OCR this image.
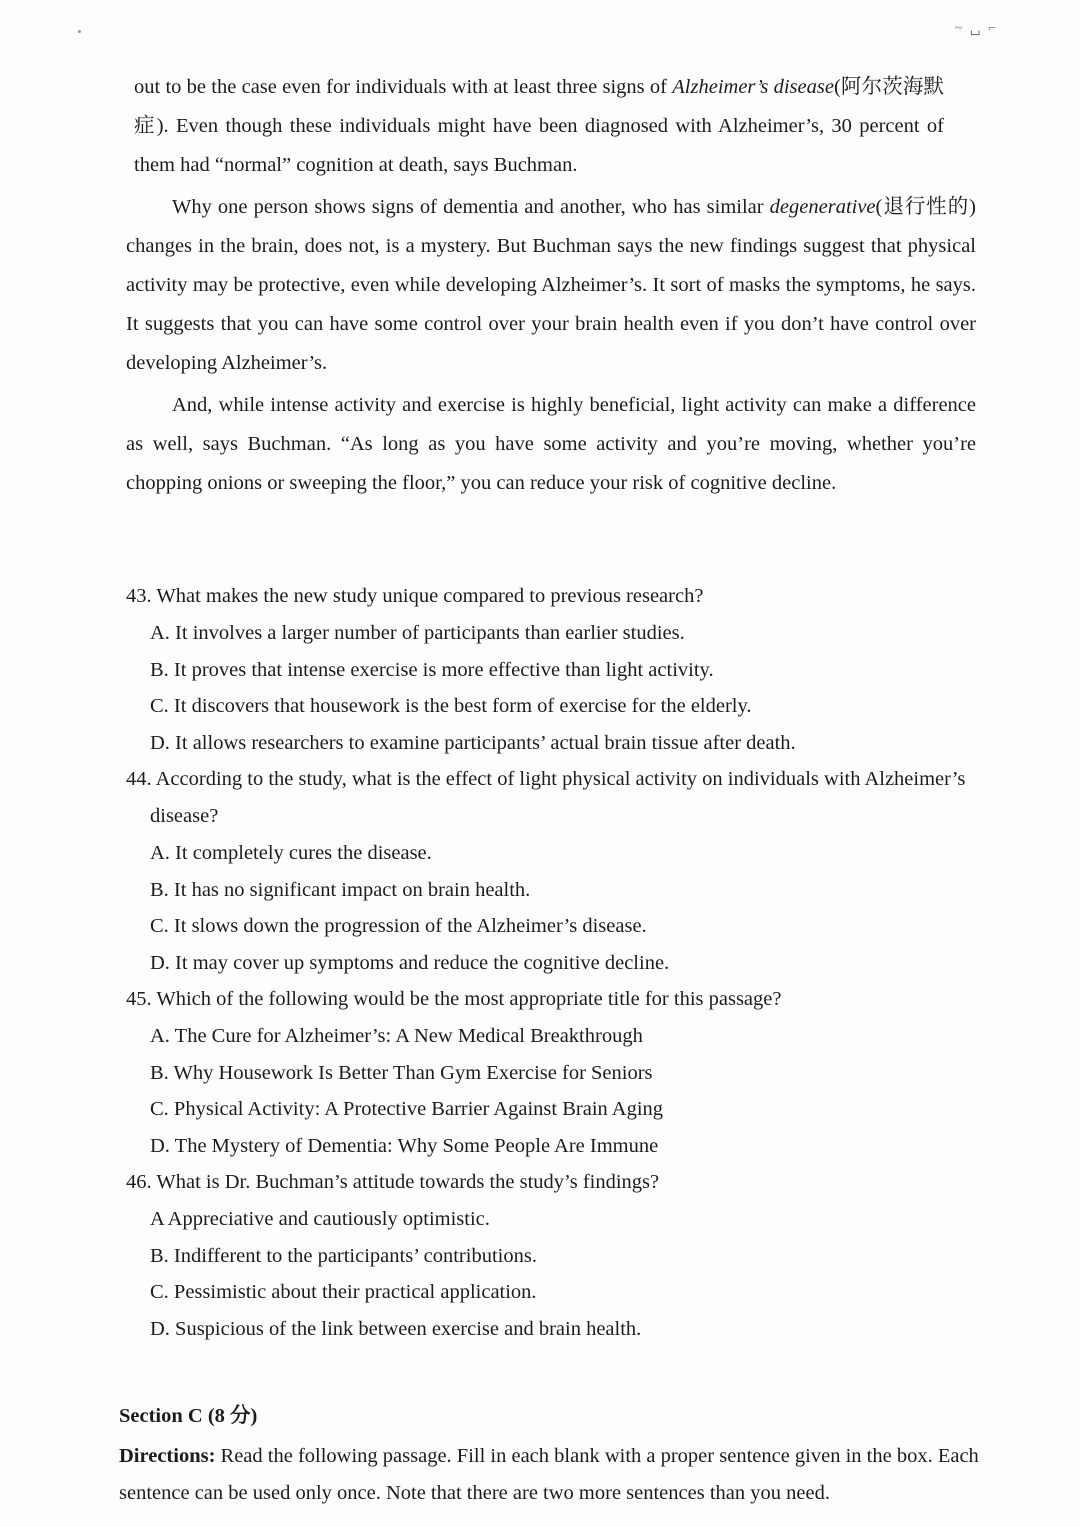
~ ␣ ⌐

out to be the case even for individuals with at least three signs of Alzheimer’s disease(阿尔茨海默症). Even though these individuals might have been diagnosed with Alzheimer’s, 30 percent of them had “normal” cognition at death, says Buchman.

Why one person shows signs of dementia and another, who has similar degenerative(退行性的) changes in the brain, does not, is a mystery. But Buchman says the new findings suggest that physical activity may be protective, even while developing Alzheimer’s. It sort of masks the symptoms, he says. It suggests that you can have some control over your brain health even if you don’t have control over developing Alzheimer’s.

And, while intense activity and exercise is highly beneficial, light activity can make a difference as well, says Buchman. “As long as you have some activity and you’re moving, whether you’re chopping onions or sweeping the floor,” you can reduce your risk of cognitive decline.

43. What makes the new study unique compared to previous research?

A. It involves a larger number of participants than earlier studies.

B. It proves that intense exercise is more effective than light activity.

C. It discovers that housework is the best form of exercise for the elderly.

D. It allows researchers to examine participants’ actual brain tissue after death.

44. According to the study, what is the effect of light physical activity on individuals with Alzheimer’s disease?

A. It completely cures the disease.

B. It has no significant impact on brain health.

C. It slows down the progression of the Alzheimer’s disease.

D. It may cover up symptoms and reduce the cognitive decline.

45. Which of the following would be the most appropriate title for this passage?

A. The Cure for Alzheimer’s: A New Medical Breakthrough

B. Why Housework Is Better Than Gym Exercise for Seniors

C. Physical Activity: A Protective Barrier Against Brain Aging

D. The Mystery of Dementia: Why Some People Are Immune

46. What is Dr. Buchman’s attitude towards the study’s findings?

A Appreciative and cautiously optimistic.

B. Indifferent to the participants’ contributions.

C. Pessimistic about their practical application.

D. Suspicious of the link between exercise and brain health.

Section C (8 分)

Directions: Read the following passage. Fill in each blank with a proper sentence given in the box. Each sentence can be used only once. Note that there are two more sentences than you need.
